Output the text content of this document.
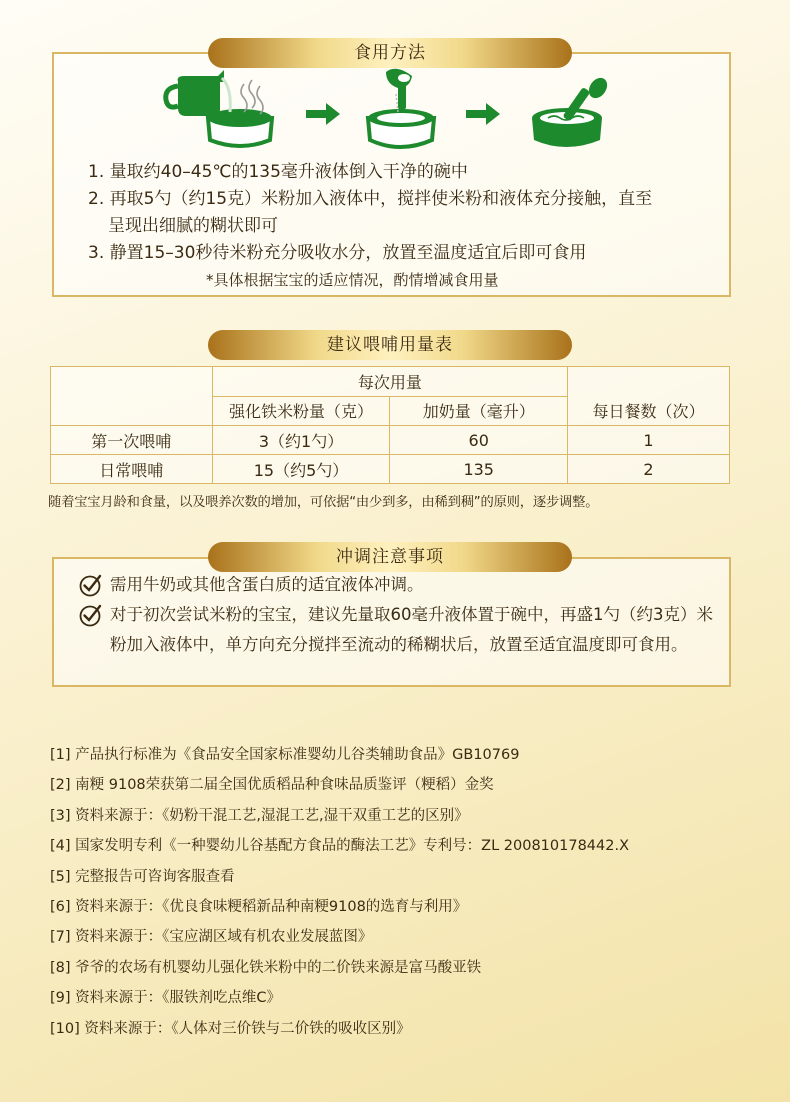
食用方法
1. 量取约40–45℃的135毫升液体倒入干净的碗中
2. 再取5勺（约15克）米粉加入液体中，搅拌使米粉和液体充分接触，直至
呈现出细腻的糊状即可
3. 静置15–30秒待米粉充分吸收水分，放置至温度适宜后即可食用
*具体根据宝宝的适应情况，酌情增减食用量
建议喂哺用量表
	每次用量		每日餐数（次）
	强化铁米粉量（克）	加奶量（毫升）	
第一次喂哺	3（约1勺）	60	1
日常喂哺	15（约5勺）	135	2
随着宝宝月龄和食量，以及喂养次数的增加，可依据“由少到多，由稀到稠”的原则，逐步调整。
冲调注意事项
需用牛奶或其他含蛋白质的适宜液体冲调。
对于初次尝试米粉的宝宝，建议先量取60毫升液体置于碗中，再盛1勺（约3克）米粉加入液体中，单方向充分搅拌至流动的稀糊状后，放置至适宜温度即可食用。
[1] 产品执行标准为《食品安全国家标准婴幼儿谷类辅助食品》GB10769
[2] 南粳 9108荣获第二届全国优质稻品种食味品质鉴评（粳稻）金奖
[3] 资料来源于：《奶粉干混工艺,湿混工艺,湿干双重工艺的区别》
[4] 国家发明专利《一种婴幼儿谷基配方食品的酶法工艺》专利号：ZL 200810178442.X
[5] 完整报告可咨询客服查看
[6] 资料来源于：《优良食味粳稻新品种南粳9108的选育与利用》
[7] 资料来源于：《宝应湖区域有机农业发展蓝图》
[8] 爷爷的农场有机婴幼儿强化铁米粉中的二价铁来源是富马酸亚铁
[9] 资料来源于：《服铁剂吃点维C》
[10] 资料来源于：《人体对三价铁与二价铁的吸收区别》
